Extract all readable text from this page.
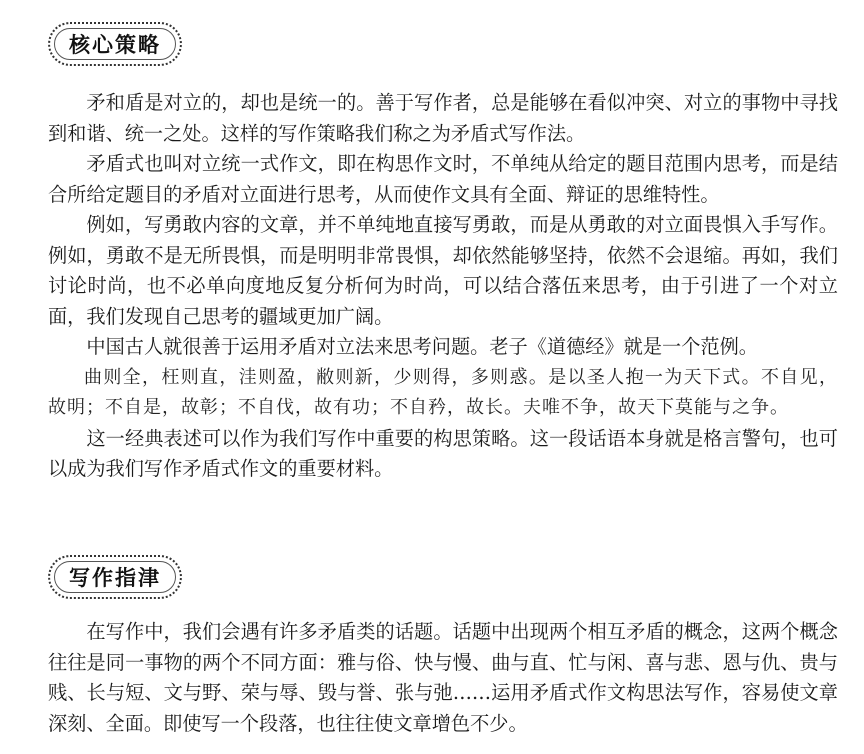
核心策略

矛和盾是对立的，却也是统一的。善于写作者，总是能够在看似冲突、对立的事物中寻找到和谐、统一之处。这样的写作策略我们称之为矛盾式写作法。

矛盾式也叫对立统一式作文，即在构思作文时，不单纯从给定的题目范围内思考，而是结合所给定题目的矛盾对立面进行思考，从而使作文具有全面、辩证的思维特性。

例如，写勇敢内容的文章，并不单纯地直接写勇敢，而是从勇敢的对立面畏惧入手写作。例如，勇敢不是无所畏惧，而是明明非常畏惧，却依然能够坚持，依然不会退缩。再如，我们讨论时尚，也不必单向度地反复分析何为时尚，可以结合落伍来思考，由于引进了一个对立面，我们发现自己思考的疆域更加广阔。

中国古人就很善于运用矛盾对立法来思考问题。老子《道德经》就是一个范例。

曲则全，枉则直，洼则盈，敝则新，少则得，多则惑。是以圣人抱一为天下式。不自见，故明；不自是，故彰；不自伐，故有功；不自矜，故长。夫唯不争，故天下莫能与之争。

这一经典表述可以作为我们写作中重要的构思策略。这一段话语本身就是格言警句，也可以成为我们写作矛盾式作文的重要材料。

写作指津

在写作中，我们会遇有许多矛盾类的话题。话题中出现两个相互矛盾的概念，这两个概念往往是同一事物的两个不同方面：雅与俗、快与慢、曲与直、忙与闲、喜与悲、恩与仇、贵与贱、长与短、文与野、荣与辱、毁与誉、张与弛……运用矛盾式作文构思法写作，容易使文章深刻、全面。即使写一个段落，也往往使文章增色不少。
